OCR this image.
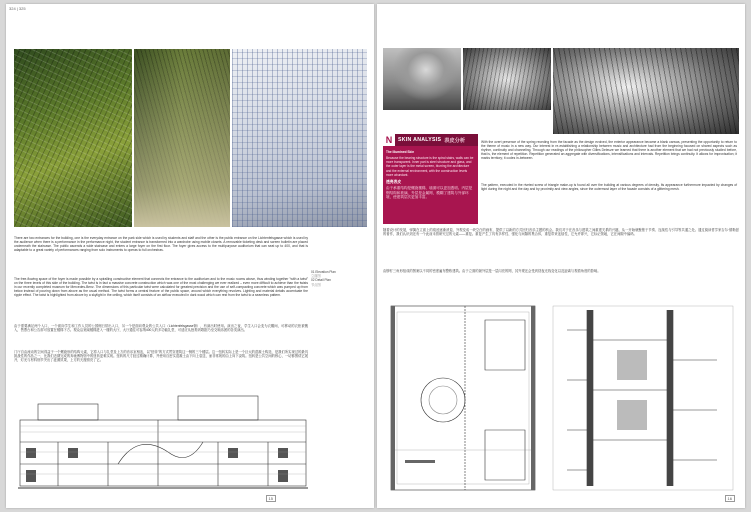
324 | 325

There are two entrances for the building, one is the everyday entrance on the park side which is used by students and staff and the other is the public entrance on the Lichtenfelsgasse which is used by the audience when there is a performance in the performance night, the student entrance is transformed into a wardrobe using mobile closets. A removable ticketing desk and screen bulletin are placed underneath the staircase. The public ascends a wide staircase and enters a large foyer on the first floor. The foyer gives access to the multipurpose auditorium that can seat up to 400, and that is adaptable to a great variety of performances ranging from solo instruments to operas to full orchestras.

The free-flowing space of the foyer is made possible by a spiralling constructive element that connects the entrance to the auditorium and to the music rooms above, thus winding together "with a twist" on the three levels of this side of the building. The twist is in fact a massive concrete construction which was one of the most challenging we ever realized – even more difficult to achieve than the twists in our recently completed museum for Mercedes-Benz. The dimensions of this particular twist were calculated for greatest precision and the use of self-compacting concrete which was pumped up from below instead of pouring down from above as the usual method. The twist forms a central feature of the public space, around which everything revolves. Lighting and material details accentuate the ripple effect. The twist is highlighted from above by a skylight in the ceiling, which itself consists of an airflow executed in dark wood which can rest from the twist to a seamless pattern.

由于需要满足两个入口，一个面向学生和工作人员的公园侧日常出入口，另一个是面向观众的公共入口（Lichtenfelsgasse街），有演出时使用。演出之夜，学生入口会变为衣帽间，可移动的衣柜被搬入，售票台和公告屏可放置在楼梯下方。观众沿宽阔楼梯进入一楼的大厅，大厅通往可容纳400人的多功能礼堂，可适应从独奏到歌剧乃至交响乐团的各类演出。

门厅自由流动的空间得益于一个螺旋形的结构元素，它将入口与礼堂及上方的音乐室相连，以"扭转"的方式贯穿建筑这一侧的三个楼层。这一扭转实际上是一个巨大的混凝土构造，是我们所实现过的最具挑战性的作品之一，比我们近期完成的奔驰博物馆中的扭转更难实现。扭转的尺寸经过精确计算，并使用自密实混凝土由下向上泵送，而非常规的由上向下浇筑。扭转是公共空间的核心，一切都围绕它展开，灯光与材料细节突出了涟漪效果，上方的天窗照亮了它。

01 Elevation Plan
立面图
02 Detail Plan
节点图
15
N	SKIN ANALYSIS 表皮分析
The Illumined Skin
Because the bearing structure is the spiral stairs, walls can be more transparent. Inner part is steel structure and glass, and the outer layer is the metal screen, blurring the architecture and the external environment, with the construction levels more abundant.
透亮表皮
由于承重结构是螺旋楼梯，墙面可以更加透明。内层是钢结构和玻璃，外层是金属网，模糊了建筑与外部环境，使建筑层次更加丰富。

With the overt presence of the spring receding from the facade as the design evolved, the exterior appearance became a blank canvas, presenting the opportunity to return to the theme of music in a new way. Our interest in re-establishing a relationship between music and architecture had from the beginning focused on shared aspects such as rhythm, continuity and channeling. Through our readings of the philosopher Gilles Deleuze we learned that there is another element that we had not previously studied before, that is, the element of repetition. Repetition generated an aggregate with diversifications, intensifications and intervals. Repetition brings continuity. It allows for improvisation; it marks territory; it codes in-between.

The pattern, executed in the riveted screw of triangle make-up is found all over the building at various degrees of density. Its appearance furthermore impacted by changes of light during the night and the day and by proximity and view angles, since the outermost layer of the facade consists of a glittering mesh.

随着设计的发展，弹簧在立面上的痕迹逐渐消退，外观变成一块空白的画布，提供了以新的方式回归音乐主题的机会。我们对于在音乐与建筑之间重建关系的兴趣，从一开始就聚焦于节奏、连续性与引导等共通之处。通过阅读哲学家吉尔·德勒兹的著作，我们认识到还有一个此前未曾研究过的元素——重复。重复产生了具有多样性、强化与间隔的集合体，重复带来连续性，它允许即兴，它标记领地，它在间隙中编码。

由铆钉三角形组成的图案以不同的密度遍布整栋建筑。由于立面的最外层是一层闪亮的网，其外观还会受到昼夜光线变化以及距离与观看角度的影响。

16
